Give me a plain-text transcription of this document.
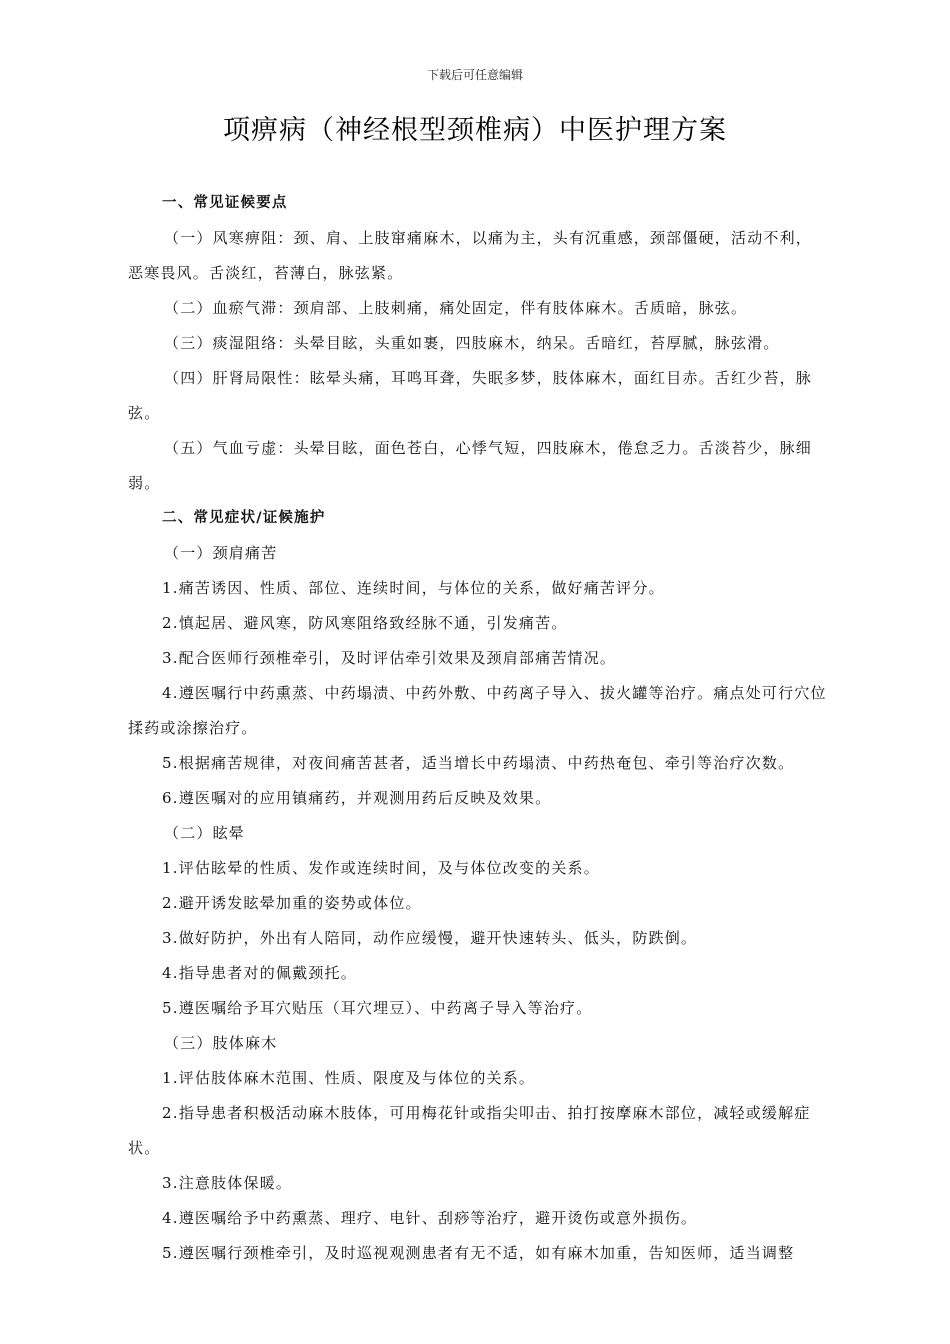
下载后可任意编辑
项痹病（神经根型颈椎病）中医护理方案

一、常见证候要点

（一）风寒痹阻：颈、肩、上肢窜痛麻木，以痛为主，头有沉重感，颈部僵硬，活动不利，恶寒畏风。舌淡红，苔薄白，脉弦紧。

（二）血瘀气滞：颈肩部、上肢刺痛，痛处固定，伴有肢体麻木。舌质暗，脉弦。

（三）痰湿阻络：头晕目眩，头重如裹，四肢麻木，纳呆。舌暗红，苔厚腻，脉弦滑。

（四）肝肾局限性：眩晕头痛，耳鸣耳聋，失眠多梦，肢体麻木，面红目赤。舌红少苔，脉弦。

（五）气血亏虚：头晕目眩，面色苍白，心悸气短，四肢麻木，倦怠乏力。舌淡苔少，脉细弱。

二、常见症状/证候施护

（一）颈肩痛苦

1.痛苦诱因、性质、部位、连续时间，与体位的关系，做好痛苦评分。

2.慎起居、避风寒，防风寒阻络致经脉不通，引发痛苦。

3.配合医师行颈椎牵引，及时评估牵引效果及颈肩部痛苦情况。

4.遵医嘱行中药熏蒸、中药塌渍、中药外敷、中药离子导入、拔火罐等治疗。痛点处可行穴位揉药或涂擦治疗。

5.根据痛苦规律，对夜间痛苦甚者，适当增长中药塌渍、中药热奄包、牵引等治疗次数。

6.遵医嘱对的应用镇痛药，并观测用药后反映及效果。

（二）眩晕

1.评估眩晕的性质、发作或连续时间，及与体位改变的关系。

2.避开诱发眩晕加重的姿势或体位。

3.做好防护，外出有人陪同，动作应缓慢，避开快速转头、低头，防跌倒。

4.指导患者对的佩戴颈托。

5.遵医嘱给予耳穴贴压（耳穴埋豆）、中药离子导入等治疗。

（三）肢体麻木

1.评估肢体麻木范围、性质、限度及与体位的关系。

2.指导患者积极活动麻木肢体，可用梅花针或指尖叩击、拍打按摩麻木部位，减轻或缓解症状。

3.注意肢体保暖。

4.遵医嘱给予中药熏蒸、理疗、电针、刮痧等治疗，避开烫伤或意外损伤。

5.遵医嘱行颈椎牵引，及时巡视观测患者有无不适，如有麻木加重，告知医师，适当调整
